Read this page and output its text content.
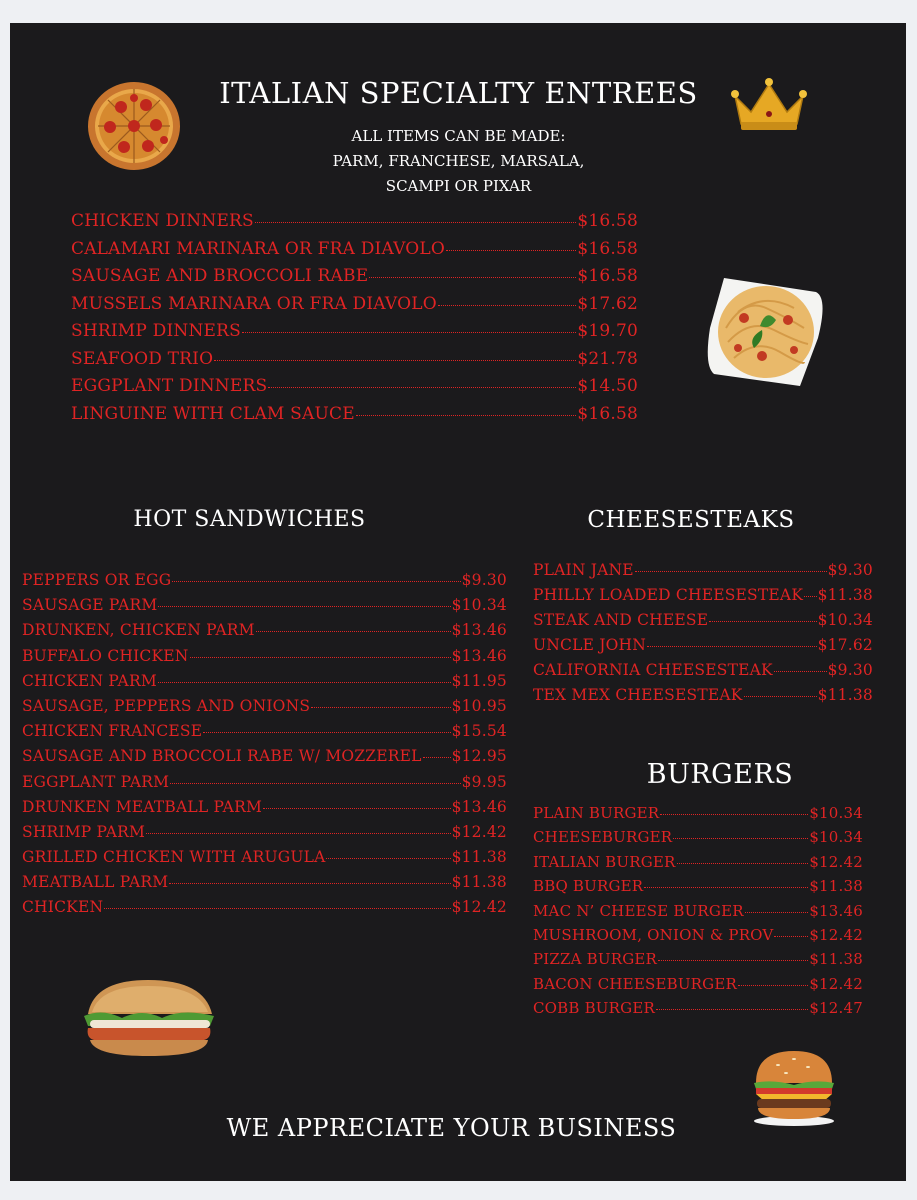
ITALIAN SPECIALTY ENTREES
ALL ITEMS CAN BE MADE:
PARM, FRANCHESE, MARSALA,
SCAMPI OR PIXAR
CHICKEN DINNERS	$16.58
CALAMARI MARINARA OR FRA DIAVOLO	$16.58
SAUSAGE AND BROCCOLI RABE	$16.58
MUSSELS MARINARA OR FRA DIAVOLO	$17.62
SHRIMP DINNERS	$19.70
SEAFOOD TRIO	$21.78
EGGPLANT DINNERS	$14.50
LINGUINE WITH CLAM SAUCE	$16.58
HOT SANDWICHES
PEPPERS OR EGG	$9.30
SAUSAGE PARM	$10.34
DRUNKEN, CHICKEN PARM	$13.46
BUFFALO CHICKEN	$13.46
CHICKEN PARM	$11.95
SAUSAGE, PEPPERS AND ONIONS	$10.95
CHICKEN FRANCESE	$15.54
SAUSAGE AND BROCCOLI RABE W/ MOZZEREL $12.95
EGGPLANT PARM	$9.95
DRUNKEN MEATBALL PARM	$13.46
SHRIMP PARM	$12.42
GRILLED CHICKEN WITH ARUGULA	$11.38
MEATBALL PARM	$11.38
CHICKEN	$12.42
CHEESESTEAKS
PLAIN JANE	$9.30
PHILLY LOADED CHEESESTEAK $11.38
STEAK AND CHEESE	$10.34
UNCLE JOHN	$17.62
CALIFORNIA CHEESESTEAK	$9.30
TEX MEX CHEESESTEAK	$11.38
BURGERS
PLAIN BURGER	$10.34
CHEESEBURGER	$10.34
ITALIAN BURGER	$12.42
BBQ BURGER	$11.38
MAC N’ CHEESE BURGER	$13.46
MUSHROOM, ONION & PROV $12.42
PIZZA BURGER	$11.38
BACON CHEESEBURGER	$12.42
COBB BURGER	$12.47
WE APPRECIATE YOUR BUSINESS
